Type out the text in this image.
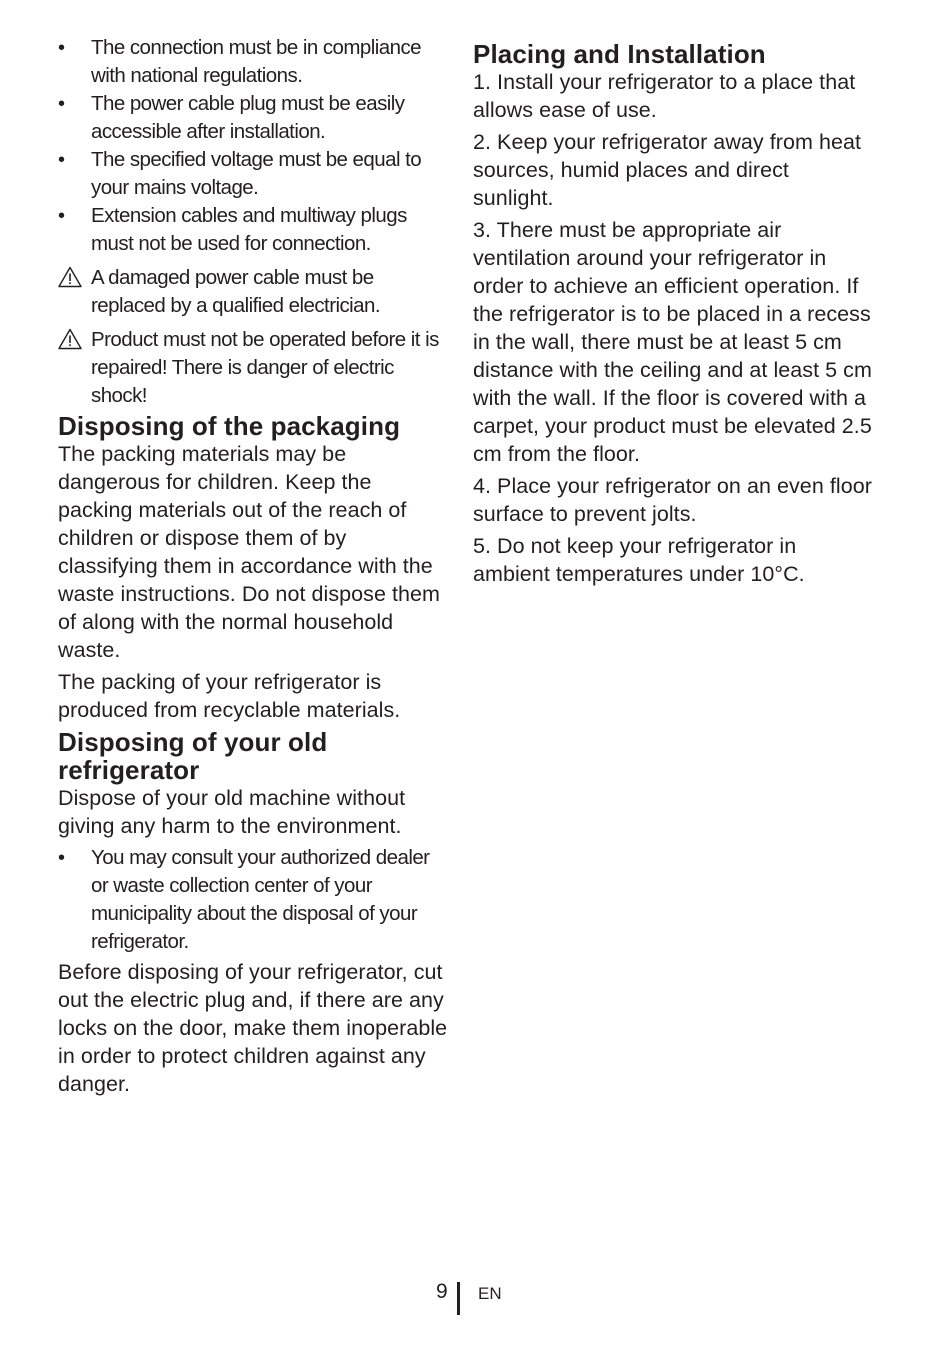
• The connection must be in compliance with national regulations.
• The power cable plug must be easily accessible after installation.
• The specified voltage must be equal to your mains voltage.
• Extension cables and multiway plugs must not be used for connection.
A damaged power cable must be replaced by a qualified electrician.
Product must not be operated before it is repaired! There is danger of electric shock!
Disposing of the packaging

The packing materials may be dangerous for children. Keep the packing materials out of the reach of children or dispose them of by classifying them in accordance with the waste instructions. Do not dispose them of along with the normal household waste.

The packing of your refrigerator is produced from recyclable materials.

Disposing of your old
refrigerator

Dispose of your old machine without giving any harm to the environment.

• You may consult your authorized dealer or waste collection center of your municipality about the disposal of your refrigerator.

Before disposing of your refrigerator, cut out the electric plug and, if there are any locks on the door, make them inoperable in order to protect children against any danger.

Placing and Installation

1. Install your refrigerator to a place that allows ease of use.

2. Keep your refrigerator away from heat sources, humid places and direct sunlight.

3. There must be appropriate air ventilation around your refrigerator in order to achieve an efficient operation. If the refrigerator is to be placed in a recess in the wall, there must be at least 5 cm distance with the ceiling and at least 5 cm with the wall. If the floor is covered with a carpet, your product must be elevated 2.5 cm from the floor.

4. Place your refrigerator on an even floor surface to prevent jolts.

5. Do not keep your refrigerator in ambient temperatures under 10°C.

9 EN
